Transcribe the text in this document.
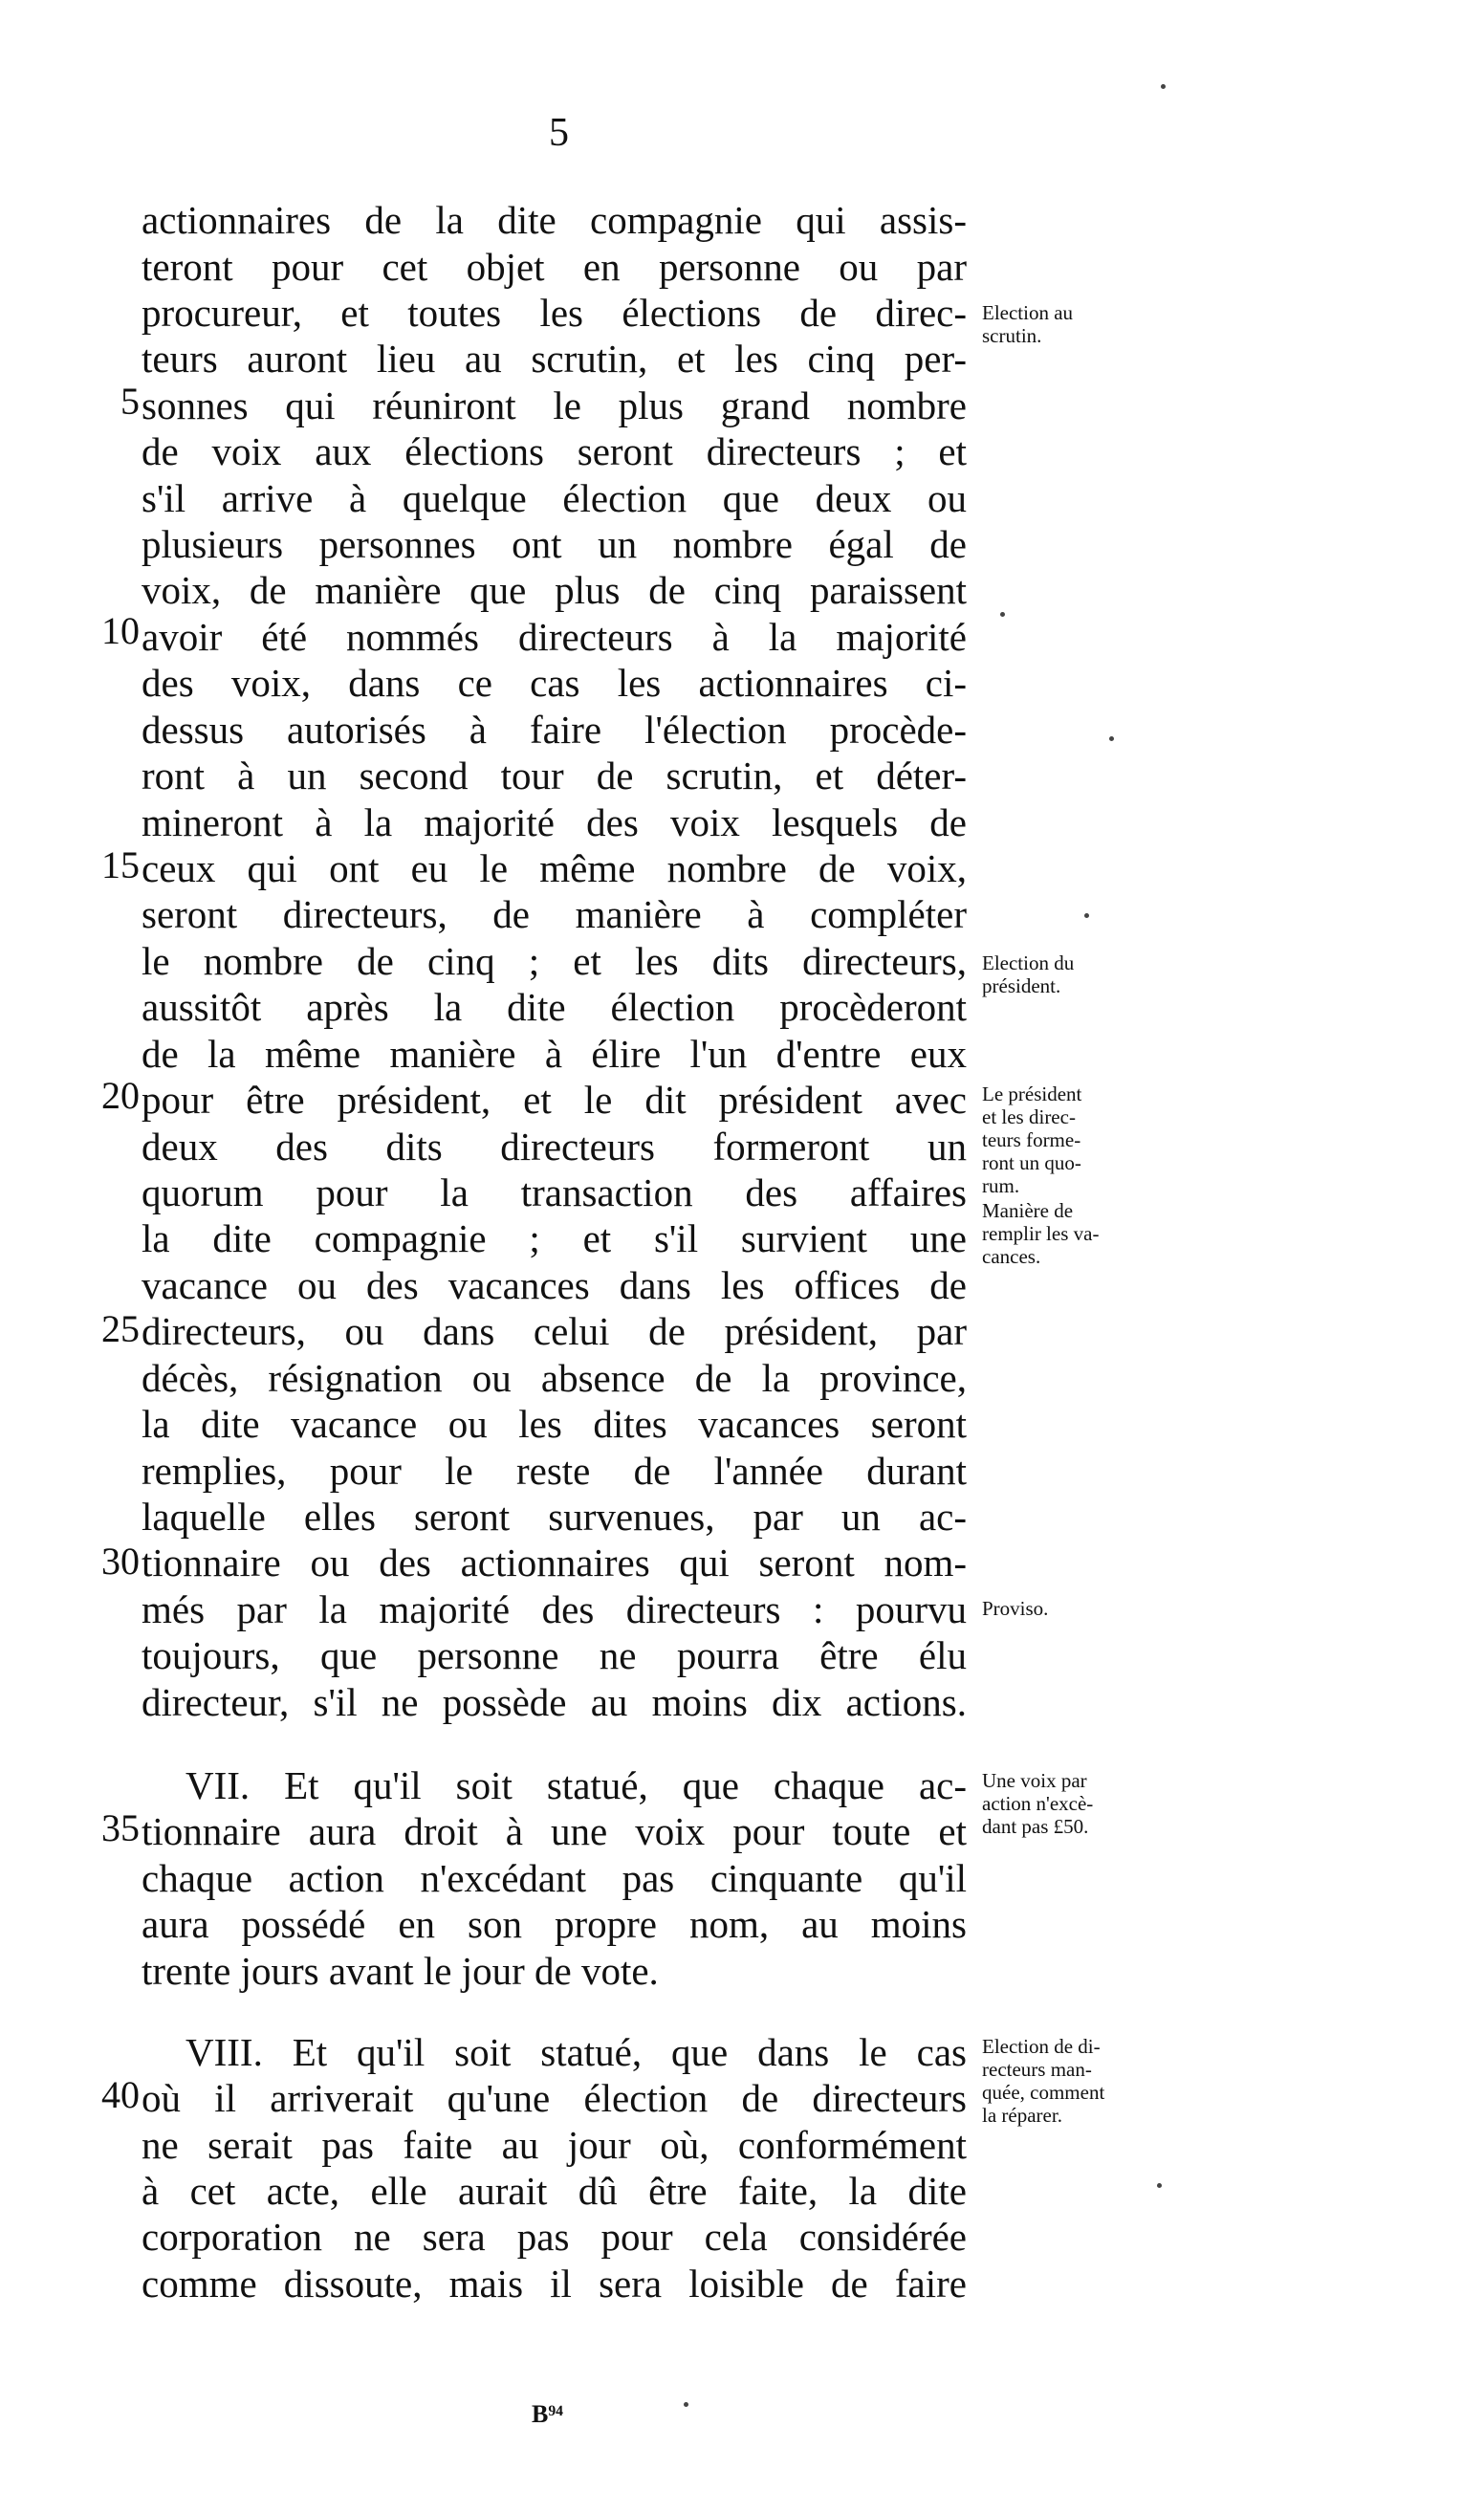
5
5
10
15
20
25
30
35
40
actionnaires de la dite compagnie qui assis-
teront pour cet objet en personne ou par
procureur, et toutes les élections de direc-
teurs auront lieu au scrutin, et les cinq per-
sonnes qui réuniront le plus grand nombre
de voix aux élections seront directeurs ; et
s'il arrive à quelque élection que deux ou
plusieurs personnes ont un nombre égal de
voix, de manière que plus de cinq paraissent
avoir été nommés directeurs à la majorité
des voix, dans ce cas les actionnaires ci-
dessus autorisés à faire l'élection procède-
ront à un second tour de scrutin, et déter-
mineront à la majorité des voix lesquels de
ceux qui ont eu le même nombre de voix,
seront directeurs, de manière à compléter
le nombre de cinq ; et les dits directeurs,
aussitôt après la dite élection procèderont
de la même manière à élire l'un d'entre eux
pour être président, et le dit président avec
deux des dits directeurs formeront un
quorum pour la transaction des affaires
la dite compagnie ; et s'il survient une
vacance ou des vacances dans les offices de
directeurs, ou dans celui de président, par
décès, résignation ou absence de la province,
la dite vacance ou les dites vacances seront
remplies, pour le reste de l'année durant
laquelle elles seront survenues, par un ac-
tionnaire ou des actionnaires qui seront nom-
més par la majorité des directeurs : pourvu
toujours, que personne ne pourra être élu
directeur, s'il ne possède au moins dix actions.
VII. Et qu'il soit statué, que chaque ac-
tionnaire aura droit à une voix pour toute et
chaque action n'excédant pas cinquante qu'il
aura possédé en son propre nom, au moins
trente jours avant le jour de vote.
VIII. Et qu'il soit statué, que dans le cas
où il arriverait qu'une élection de directeurs
ne serait pas faite au jour où, conformément
à cet acte, elle aurait dû être faite, la dite
corporation ne sera pas pour cela considérée
comme dissoute, mais il sera loisible de faire
Election au
scrutin.
Election du
président.
Le président
et les direc-
teurs forme-
ront un quo-
rum.
Manière de
remplir les va-
cances.
Proviso.
Une voix par
action n'excè-
dant pas £50.
Election de di-
recteurs man-
quée, comment
la réparer.
B⁹⁴
